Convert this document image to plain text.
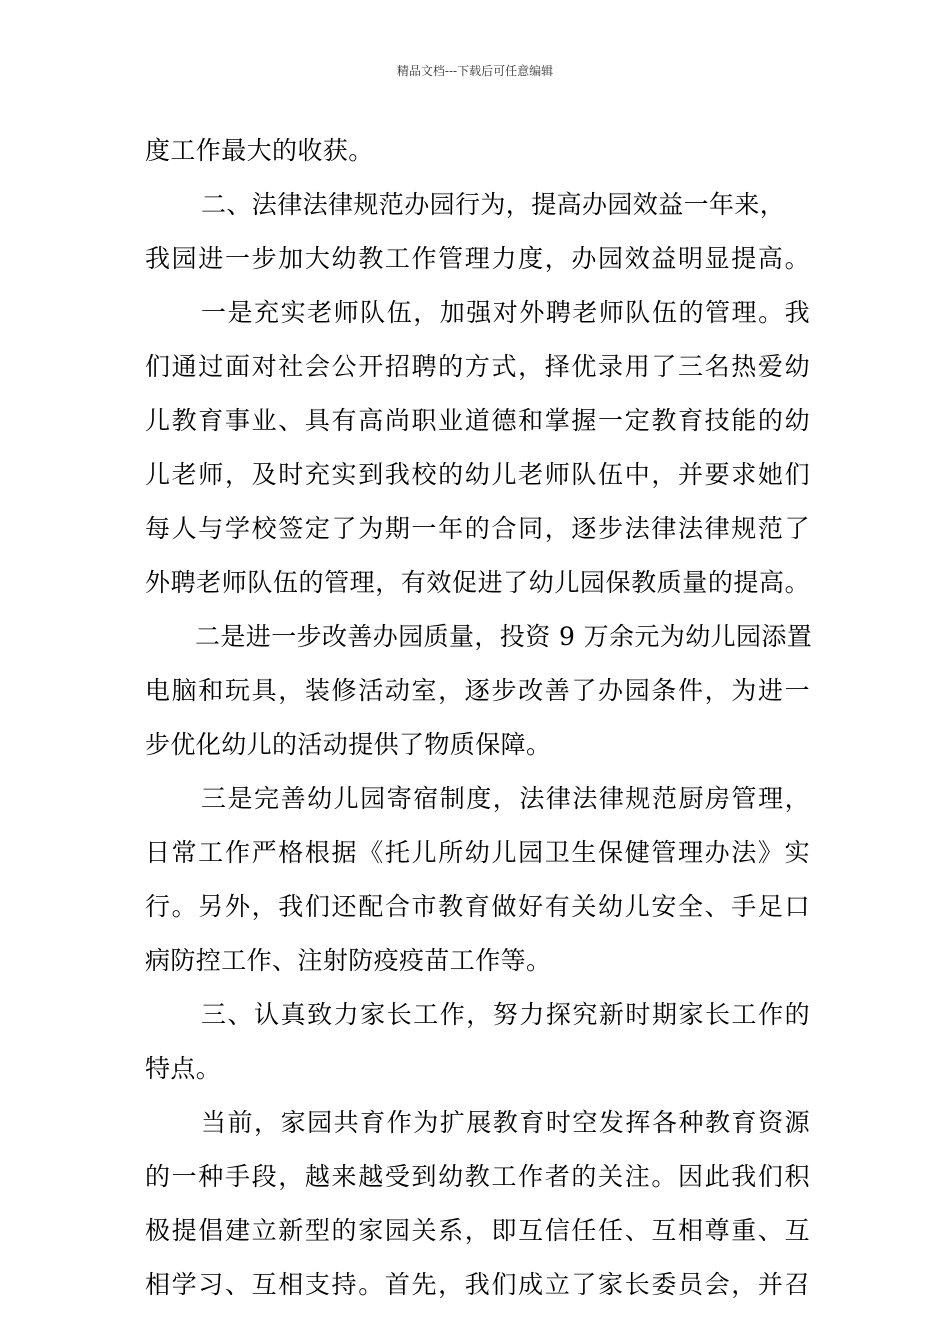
精品文档---下载后可任意编辑
度工作最大的收获。
二、法律法律规范办园行为，提高办园效益一年来，
我园进一步加大幼教工作管理力度，办园效益明显提高。
一是充实老师队伍，加强对外聘老师队伍的管理。我
们通过面对社会公开招聘的方式，择优录用了三名热爱幼
儿教育事业、具有高尚职业道德和掌握一定教育技能的幼
儿老师，及时充实到我校的幼儿老师队伍中，并要求她们
每人与学校签定了为期一年的合同，逐步法律法律规范了
外聘老师队伍的管理，有效促进了幼儿园保教质量的提高。
二是进一步改善办园质量，投资 9 万余元为幼儿园添置
电脑和玩具，装修活动室，逐步改善了办园条件，为进一
步优化幼儿的活动提供了物质保障。
三是完善幼儿园寄宿制度，法律法律规范厨房管理，
日常工作严格根据《托儿所幼儿园卫生保健管理办法》实
行。另外，我们还配合市教育做好有关幼儿安全、手足口
病防控工作、注射防疫疫苗工作等。
三、认真致力家长工作，努力探究新时期家长工作的
特点。
当前，家园共育作为扩展教育时空发挥各种教育资源
的一种手段，越来越受到幼教工作者的关注。因此我们积
极提倡建立新型的家园关系，即互信任任、互相尊重、互
相学习、互相支持。首先，我们成立了家长委员会，并召
